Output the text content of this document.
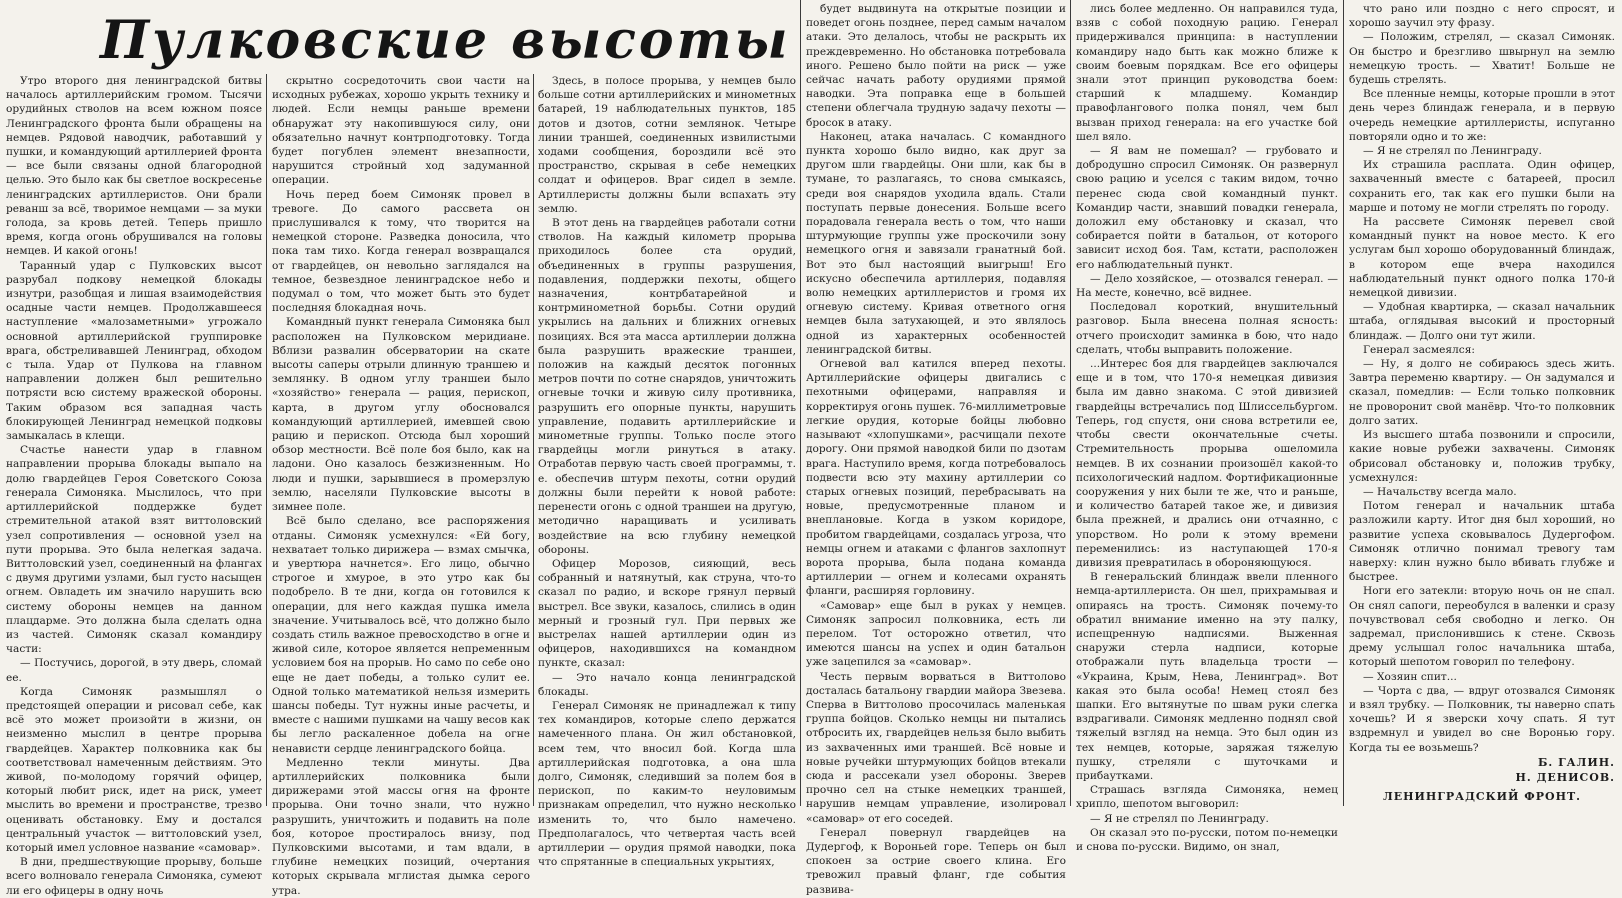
Пулковские высоты

Утро второго дня ленинградской битвы началось артиллерийским громом. Тысячи орудийных стволов на всем южном поясе Ленинградского фронта были обращены на немцев. Рядовой наводчик, работавший у пушки, и командующий артиллерией фронта — все были связаны одной благородной целью. Это было как бы светлое воскресенье ленинградских артиллеристов. Они брали реванш за всё, творимое немцами — за муки голода, за кровь детей. Теперь пришло время, когда огонь обрушивался на головы немцев. И какой огонь!

Таранный удар с Пулковских высот разрубал подкову немецкой блокады изнутри, разобщая и лишая взаимодействия осадные части немцев. Продолжавшееся наступление «малозаметными» угрожало основной артиллерийской группировке врага, обстреливавшей Ленинград, обходом с тыла. Удар от Пулкова на главном направлении должен был решительно потрясти всю систему вражеской обороны. Таким образом вся западная часть блокирующей Ленинград немецкой подковы замыкалась в клещи.

Счастье нанести удар в главном направлении прорыва блокады выпало на долю гвардейцев Героя Советского Союза генерала Симоняка. Мыслилось, что при артиллерийской поддержке будет стремительной атакой взят виттоловский узел сопротивления — основной узел на пути прорыва. Это была нелегкая задача. Виттоловский узел, соединенный на флангах с двумя другими узлами, был густо насыщен огнем. Овладеть им значило нарушить всю систему обороны немцев на данном плацдарме. Это должна была сделать одна из частей. Симоняк сказал командиру части:

— Постучись, дорогой, в эту дверь, сломай ее.

Когда Симоняк размышлял о предстоящей операции и рисовал себе, как всё это может произойти в жизни, он неизменно мыслил в центре прорыва гвардейцев. Характер полковника как бы соответствовал намеченным действиям. Это живой, по-молодому горячий офицер, который любит риск, идет на риск, умеет мыслить во времени и пространстве, трезво оценивать обстановку. Ему и достался центральный участок — виттоловский узел, который имел условное название «самовар».

В дни, предшествующие прорыву, больше всего волновало генерала Симоняка, сумеют ли его офицеры в одну ночь

скрытно сосредоточить свои части на исходных рубежах, хорошо укрыть технику и людей. Если немцы раньше времени обнаружат эту накопившуюся силу, они обязательно начнут контрподготовку. Тогда будет погублен элемент внезапности, нарушится стройный ход задуманной операции.

Ночь перед боем Симоняк провел в тревоге. До самого рассвета он прислушивался к тому, что творится на немецкой стороне. Разведка доносила, что пока там тихо. Когда генерал возвращался от гвардейцев, он невольно заглядался на темное, безвездное ленинградское небо и подумал о том, что может быть это будет последняя блокадная ночь.

Командный пункт генерала Симоняка был расположен на Пулковском меридиане. Вблизи развалин обсерватории на скате высоты саперы отрыли длинную траншею и землянку. В одном углу траншеи было «хозяйство» генерала — рация, перископ, карта, в другом углу обосновался командующий артиллерией, имевшей свою рацию и перископ. Отсюда был хороший обзор местности. Всё поле боя было, как на ладони. Оно казалось безжизненным. Но люди и пушки, зарывшиеся в промерзлую землю, населяли Пулковские высоты в зимнее поле.

Всё было сделано, все распоряжения отданы. Симоняк усмехнулся: «Ей богу, нехватает только дирижера — взмах смычка, и увертюра начнется». Его лицо, обычно строгое и хмурое, в это утро как бы подобрело. В те дни, когда он готовился к операции, для него каждая пушка имела значение. Учитывалось всё, что должно было создать стиль важное превосходство в огне и живой силе, которое является непременным условием боя на прорыв. Но само по себе оно еще не дает победы, а только сулит ее. Одной только математикой нельзя измерить шансы победы. Тут нужны иные расчеты, и вместе с нашими пушками на чашу весов как бы легло раскаленное добела на огне ненависти сердце ленинградского бойца.

Медленно текли минуты. Два артиллерийских полковника были дирижерами этой массы огня на фронте прорыва. Они точно знали, что нужно разрушить, уничтожить и подавить на поле боя, которое простиралось внизу, под Пулковскими высотами, и там вдали, в глубине немецких позиций, очертания которых скрывала мглистая дымка серого утра.

Здесь, в полосе прорыва, у немцев было больше сотни артиллерийских и минометных батарей, 19 наблюдательных пунктов, 185 дотов и дзотов, сотни землянок. Четыре линии траншей, соединенных извилистыми ходами сообщения, бороздили всё это пространство, скрывая в себе немецких солдат и офицеров. Враг сидел в земле. Артиллеристы должны были вспахать эту землю.

В этот день на гвардейцев работали сотни стволов. На каждый километр прорыва приходилось более ста орудий, объединенных в группы разрушения, подавления, поддержки пехоты, общего назначения, контрбатарейной и контрминометной борьбы. Сотни орудий укрылись на дальних и ближних огневых позициях. Вся эта масса артиллерии должна была разрушить вражеские траншеи, положив на каждый десяток погонных метров почти по сотне снарядов, уничтожить огневые точки и живую силу противника, разрушить его опорные пункты, нарушить управление, подавить артиллерийские и минометные группы. Только после этого гвардейцы могли ринуться в атаку. Отработав первую часть своей программы, т. е. обеспечив штурм пехоты, сотни орудий должны были перейти к новой работе: перенести огонь с одной траншеи на другую, методично наращивать и усиливать воздействие на всю глубину немецкой обороны.

Офицер Морозов, сияющий, весь собранный и натянутый, как струна, что-то сказал по радио, и вскоре грянул первый выстрел. Все звуки, казалось, слились в один мерный и грозный гул. При первых же выстрелах нашей артиллерии один из офицеров, находившихся на командном пункте, сказал:

— Это начало конца ленинградской блокады.

Генерал Симоняк не принадлежал к типу тех командиров, которые слепо держатся намеченного плана. Он жил обстановкой, всем тем, что вносил бой. Когда шла артиллерийская подготовка, а она шла долго, Симоняк, следивший за полем боя в перископ, по каким-то неуловимым признакам определил, что нужно несколько изменить то, что было намечено. Предполагалось, что четвертая часть всей артиллерии — орудия прямой наводки, пока что спрятанные в специальных укрытиях,

будет выдвинута на открытые позиции и поведет огонь позднее, перед самым началом атаки. Это делалось, чтобы не раскрыть их преждевременно. Но обстановка потребовала иного. Решено было пойти на риск — уже сейчас начать работу орудиями прямой наводки. Эта поправка еще в большей степени облегчала трудную задачу пехоты — бросок в атаку.

Наконец, атака началась. С командного пункта хорошо было видно, как друг за другом шли гвардейцы. Они шли, как бы в тумане, то разлагаясь, то снова смыкаясь, среди воя снарядов уходила вдаль. Стали поступать первые донесения. Больше всего порадовала генерала весть о том, что наши штурмующие группы уже проскочили зону немецкого огня и завязали гранатный бой. Вот это был настоящий выигрыш! Его искусно обеспечила артиллерия, подавляя волю немецких артиллеристов и громя их огневую систему. Кривая ответного огня немцев была затухающей, и это являлось одной из характерных особенностей ленинградской битвы.

Огневой вал катился вперед пехоты. Артиллерийские офицеры двигались с пехотными офицерами, направляя и корректируя огонь пушек. 76-миллиметровые легкие орудия, которые бойцы любовно называют «хлопушками», расчищали пехоте дорогу. Они прямой наводкой били по дзотам врага. Наступило время, когда потребовалось подвести всю эту махину артиллерии со старых огневых позиций, перебрасывать на новые, предусмотренные планом и внеплановые. Когда в узком коридоре, пробитом гвардейцами, создалась угроза, что немцы огнем и атаками с флангов захлопнут ворота прорыва, была подана команда артиллерии — огнем и колесами охранять фланги, расширяя горловину.

«Самовар» еще был в руках у немцев. Симоняк запросил полковника, есть ли перелом. Тот осторожно ответил, что имеются шансы на успех и один батальон уже зацепился за «самовар».

Честь первым ворваться в Виттолово досталась батальону гвардии майора Звезева. Сперва в Виттолово просочилась маленькая группа бойцов. Сколько немцы ни пытались отбросить их, гвардейцев нельзя было выбить из захваченных ими траншей. Всё новые и новые ручейки штурмующих бойцов втекали сюда и рассекали узел обороны. Зверев прочно сел на стыке немецких траншей, нарушив немцам управление, изолировал «самовар» от его соседей.

Генерал повернул гвардейцев на Дудергоф, к Вороньей горе. Теперь он был спокоен за острие своего клина. Его тревожил правый фланг, где события развива-

лись более медленно. Он направился туда, взяв с собой походную рацию. Генерал придерживался принципа: в наступлении командиру надо быть как можно ближе к своим боевым порядкам. Все его офицеры знали этот принцип руководства боем: старший к младшему. Командир правофлангового полка понял, чем был вызван приход генерала: на его участке бой шел вяло.

— Я вам не помешал? — грубовато и добродушно спросил Симоняк. Он развернул свою рацию и уселся с таким видом, точно перенес сюда свой командный пункт. Командир части, знавший повадки генерала, доложил ему обстановку и сказал, что собирается пойти в батальон, от которого зависит исход боя. Там, кстати, расположен его наблюдательный пункт.

— Дело хозяйское, — отозвался генерал. — На месте, конечно, всё виднее.

Последовал короткий, внушительный разговор. Была внесена полная ясность: отчего происходит заминка в бою, что надо сделать, чтобы выправить положение.

...Интерес боя для гвардейцев заключался еще и в том, что 170-я немецкая дивизия была им давно знакома. С этой дивизией гвардейцы встречались под Шлиссельбургом. Теперь, год спустя, они снова встретили ее, чтобы свести окончательные счеты. Стремительность прорыва ошеломила немцев. В их сознании произошёл какой-то психологический надлом. Фортификационные сооружения у них были те же, что и раньше, и количество батарей такое же, и дивизия была прежней, и дрались они отчаянно, с упорством. Но роли к этому времени переменились: из наступающей 170-я дивизия превратилась в обороняющуюся.

В генеральский блиндаж ввели пленного немца-артиллериста. Он шел, прихрамывая и опираясь на трость. Симоняк почему-то обратил внимание именно на эту палку, испещренную надписями. Выженная снаружи стерла надписи, которые отображали путь владельца трости — «Украина, Крым, Нева, Ленинград». Вот какая это была особа! Немец стоял без шапки. Его вытянутые по швам руки слегка вздрагивали. Симоняк медленно поднял свой тяжелый взгляд на немца. Это был один из тех немцев, которые, заряжая тяжелую пушку, стреляли с шуточками и прибаутками.

Страшась взгляда Симоняка, немец хрипло, шепотом выговорил:

— Я не стрелял по Ленинграду.

Он сказал это по-русски, потом по-немецки и снова по-русски. Видимо, он знал,

что рано или поздно с него спросят, и хорошо заучил эту фразу.

— Положим, стрелял, — сказал Симоняк. Он быстро и брезгливо швырнул на землю немецкую трость. — Хватит! Больше не будешь стрелять.

Все пленные немцы, которые прошли в этот день через блиндаж генерала, и в первую очередь немецкие артиллеристы, испуганно повторяли одно и то же:

— Я не стрелял по Ленинграду.

Их страшила расплата. Один офицер, захваченный вместе с батареей, просил сохранить его, так как его пушки были на марше и потому не могли стрелять по городу.

На рассвете Симоняк перевел свой командный пункт на новое место. К его услугам был хорошо оборудованный блиндаж, в котором еще вчера находился наблюдательный пункт одного полка 170-й немецкой дивизии.

— Удобная квартирка, — сказал начальник штаба, оглядывая высокий и просторный блиндаж. — Долго они тут жили.

Генерал засмеялся:

— Ну, я долго не собираюсь здесь жить. Завтра переменю квартиру. — Он задумался и сказал, помедлив: — Если только полковник не проворонит свой манёвр. Что-то полковник долго затих.

Из высшего штаба позвонили и спросили, какие новые рубежи захвачены. Симоняк обрисовал обстановку и, положив трубку, усмехнулся:

— Начальству всегда мало.

Потом генерал и начальник штаба разложили карту. Итог дня был хороший, но развитие успеха сковывалось Дудергофом. Симоняк отлично понимал тревогу там наверху: клин нужно было вбивать глубже и быстрее.

Ноги его затекли: вторую ночь он не спал. Он снял сапоги, переобулся в валенки и сразу почувствовал себя свободно и легко. Он задремал, прислонившись к стене. Сквозь дрему услышал голос начальника штаба, который шепотом говорил по телефону.

— Хозяин спит...

— Чорта с два, — вдруг отозвался Симоняк и взял трубку. — Полковник, ты наверно спать хочешь? И я зверски хочу спать. Я тут вздремнул и увидел во сне Воронью гору. Когда ты ее возьмешь?

Б. ГАЛИН.

Н. ДЕНИСОВ.

ЛЕНИНГРАДСКИЙ ФРОНТ.
